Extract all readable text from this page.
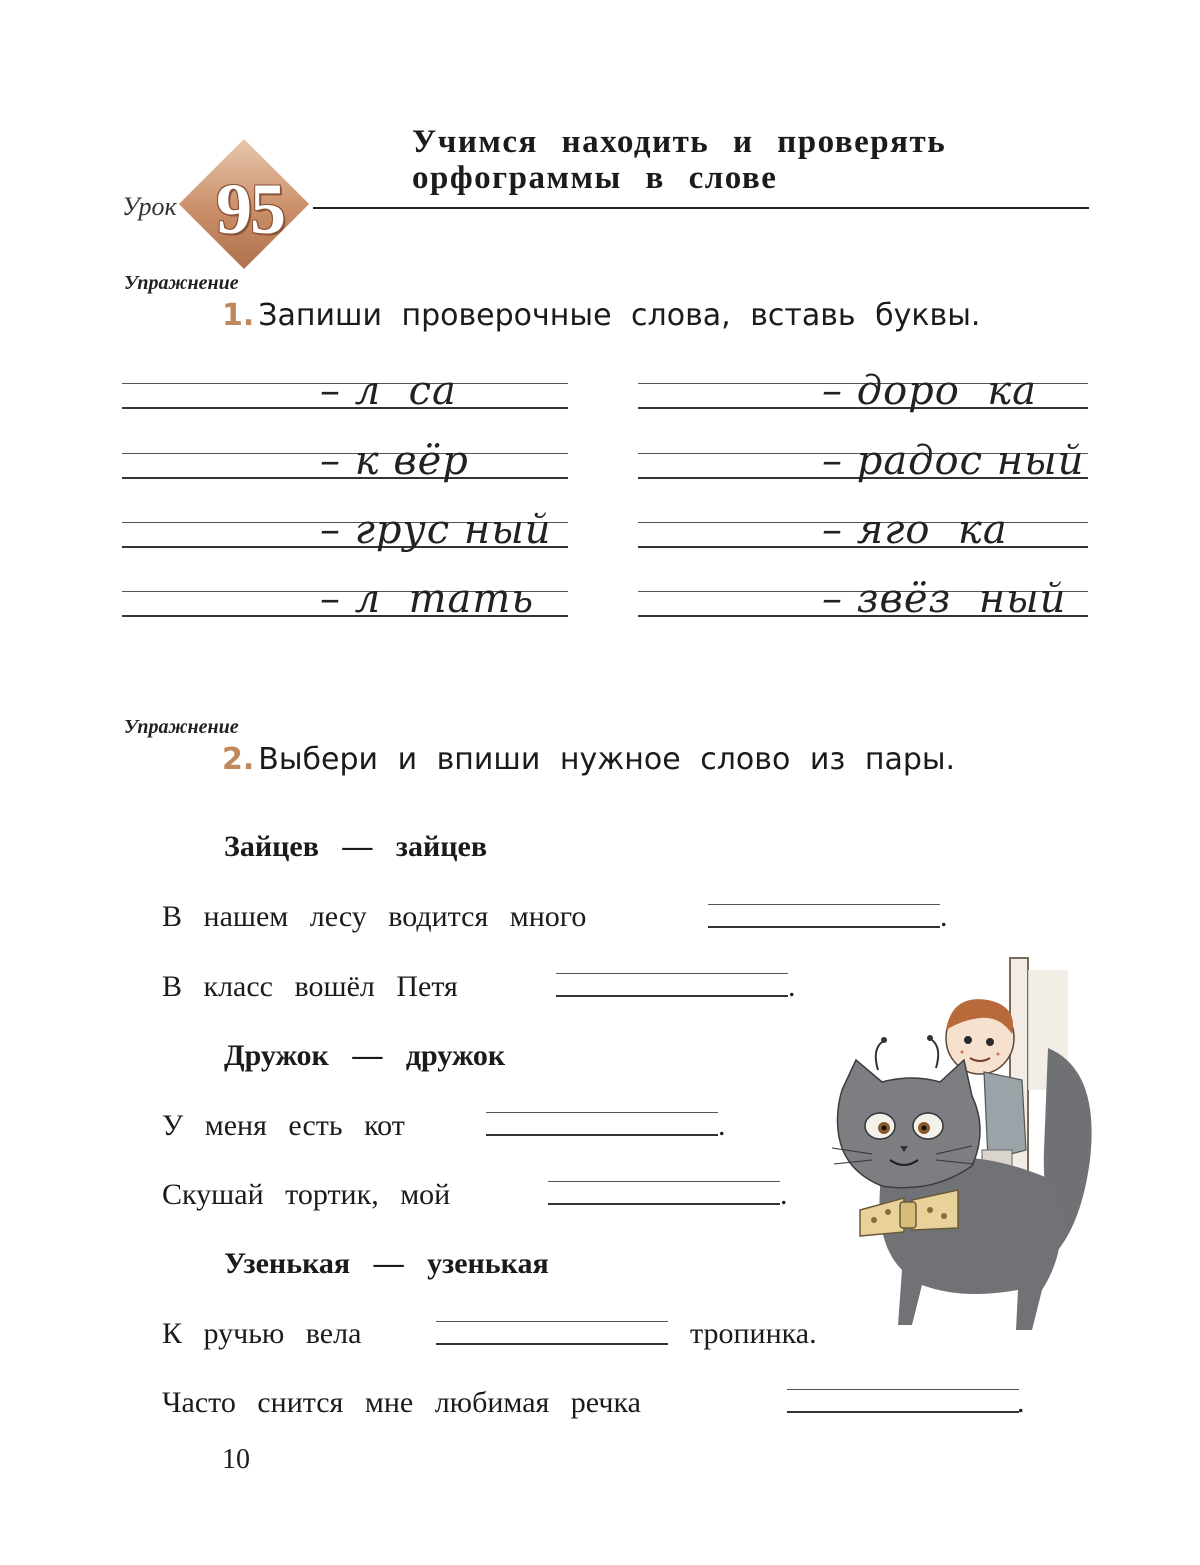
Урок 95
Учимся находить и проверять
орфограммы в слове
Упражнение
1. Запиши проверочные слова, вставь буквы.
– л  са
– к вёр
– грус ный
– л  тать
– доро  ка
– радос ный
– яго  ка
– звёз  ный
Упражнение
2. Выбери и впиши нужное слово из пары.
Зайцев — зайцев
В нашем лесу водится много	.
В класс вошёл Петя	.
Дружок — дружок
У меня есть кот	.
Скушай тортик, мой	.
Узенькая — узенькая
К ручью вела	тропинка.
Часто снится мне любимая речка	.
10
